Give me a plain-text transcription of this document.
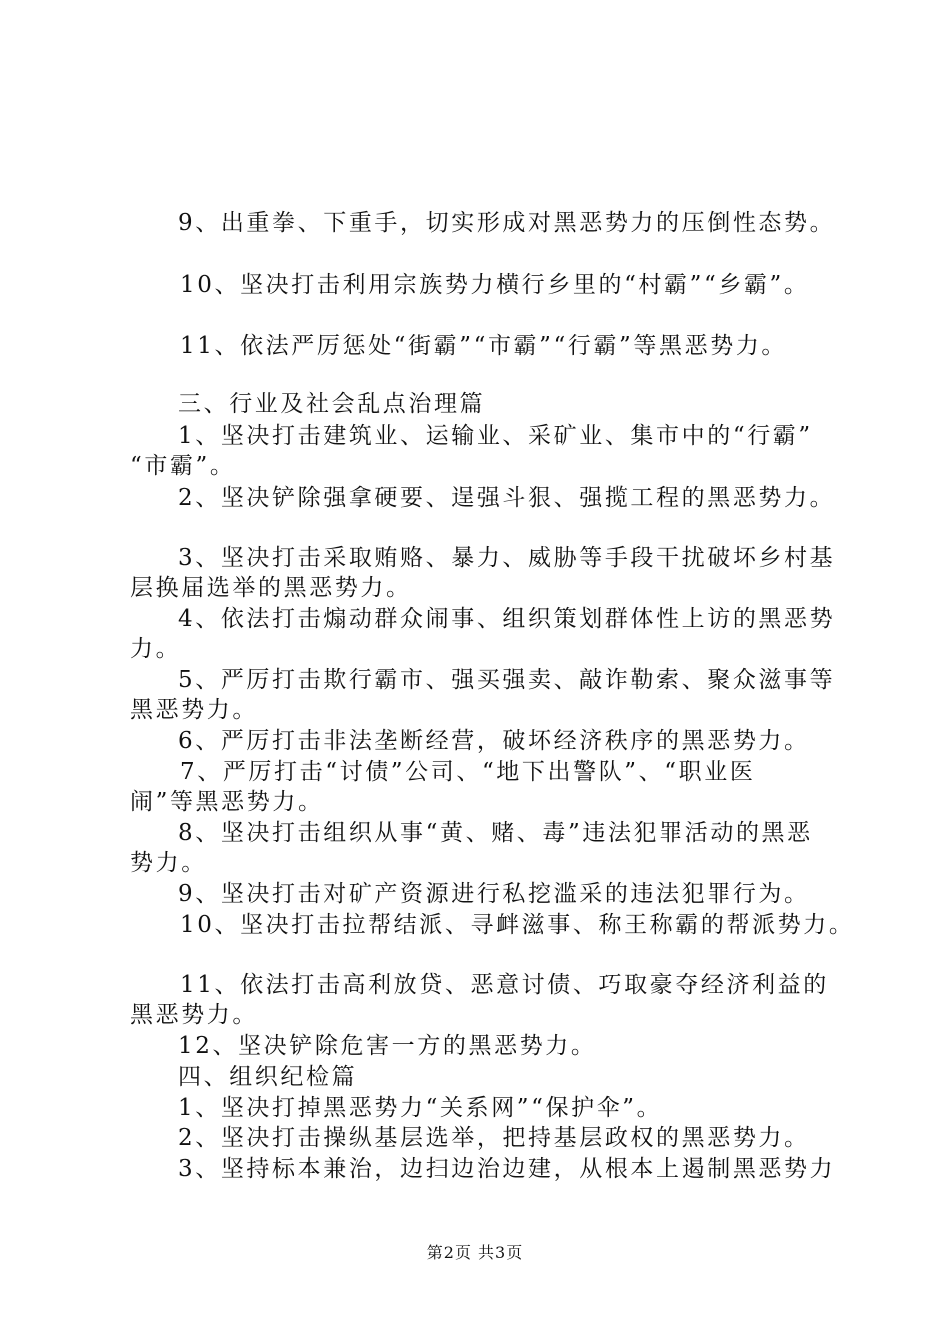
9、出重拳、下重手，切实形成对黑恶势力的压倒性态势。
10、坚决打击利用宗族势力横行乡里的“村霸”“乡霸”。
11、依法严厉惩处“街霸”“市霸”“行霸”等黑恶势力。
三、行业及社会乱点治理篇
1、坚决打击建筑业、运输业、采矿业、集市中的“行霸”
“市霸”。
2、坚决铲除强拿硬要、逞强斗狠、强揽工程的黑恶势力。
3、坚决打击采取贿赂、暴力、威胁等手段干扰破坏乡村基
层换届选举的黑恶势力。
4、依法打击煽动群众闹事、组织策划群体性上访的黑恶势
力。
5、严厉打击欺行霸市、强买强卖、敲诈勒索、聚众滋事等
黑恶势力。
6、严厉打击非法垄断经营，破坏经济秩序的黑恶势力。
7、严厉打击“讨债”公司、“地下出警队”、“职业医
闹”等黑恶势力。
8、坚决打击组织从事“黄、赌、毒”违法犯罪活动的黑恶
势力。
9、坚决打击对矿产资源进行私挖滥采的违法犯罪行为。
10、坚决打击拉帮结派、寻衅滋事、称王称霸的帮派势力。
11、依法打击高利放贷、恶意讨债、巧取豪夺经济利益的
黑恶势力。
12、坚决铲除危害一方的黑恶势力。
四、组织纪检篇
1、坚决打掉黑恶势力“关系网”“保护伞”。
2、坚决打击操纵基层选举，把持基层政权的黑恶势力。
3、坚持标本兼治，边扫边治边建，从根本上遏制黑恶势力
第2页 共3页
